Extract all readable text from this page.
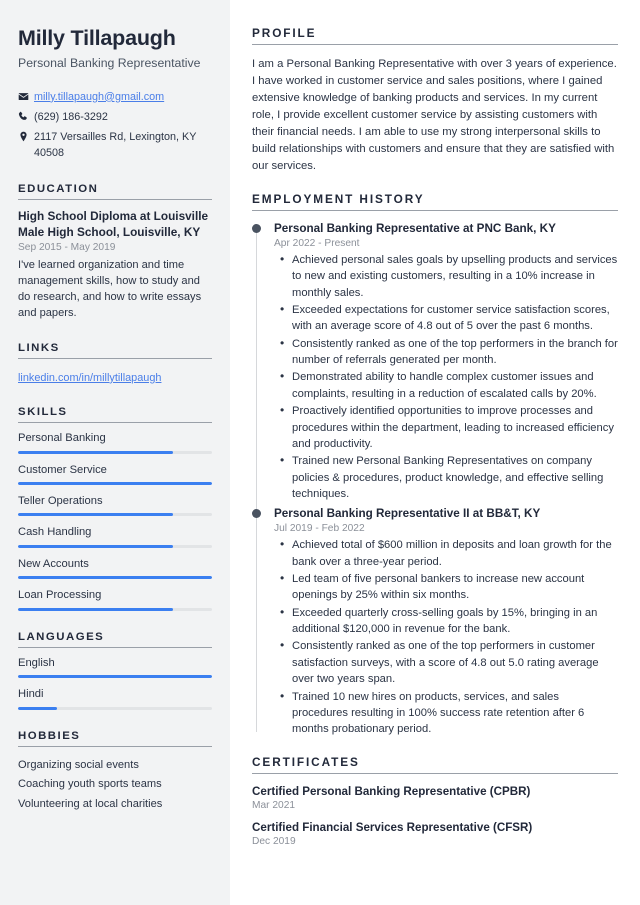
Milly Tillapaugh
Personal Banking Representative
milly.tillapaugh@gmail.com
(629) 186-3292
2117 Versailles Rd, Lexington, KY 40508
EDUCATION
High School Diploma at Louisville Male High School, Louisville, KY
Sep 2015 - May 2019
I've learned organization and time management skills, how to study and do research, and how to write essays and papers.
LINKS
linkedin.com/in/millytillapaugh
SKILLS
Personal Banking
Customer Service
Teller Operations
Cash Handling
New Accounts
Loan Processing
LANGUAGES
English
Hindi
HOBBIES
Organizing social events
Coaching youth sports teams
Volunteering at local charities
PROFILE

I am a Personal Banking Representative with over 3 years of experience. I have worked in customer service and sales positions, where I gained extensive knowledge of banking products and services. In my current role, I provide excellent customer service by assisting customers with their financial needs. I am able to use my strong interpersonal skills to build relationships with customers and ensure that they are satisfied with our services.

EMPLOYMENT HISTORY
Personal Banking Representative at PNC Bank, KY
Apr 2022 - Present
• Achieved personal sales goals by upselling products and services to new and existing customers, resulting in a 10% increase in monthly sales.
• Exceeded expectations for customer service satisfaction scores, with an average score of 4.8 out of 5 over the past 6 months.
• Consistently ranked as one of the top performers in the branch for number of referrals generated per month.
• Demonstrated ability to handle complex customer issues and complaints, resulting in a reduction of escalated calls by 20%.
• Proactively identified opportunities to improve processes and procedures within the department, leading to increased efficiency and productivity.
• Trained new Personal Banking Representatives on company policies & procedures, product knowledge, and effective selling techniques.
Personal Banking Representative II at BB&T, KY
Jul 2019 - Feb 2022
• Achieved total of $600 million in deposits and loan growth for the bank over a three-year period.
• Led team of five personal bankers to increase new account openings by 25% within six months.
• Exceeded quarterly cross-selling goals by 15%, bringing in an additional $120,000 in revenue for the bank.
• Consistently ranked as one of the top performers in customer satisfaction surveys, with a score of 4.8 out 5.0 rating average over two years span.
• Trained 10 new hires on products, services, and sales procedures resulting in 100% success rate retention after 6 months probationary period.
CERTIFICATES
Certified Personal Banking Representative (CPBR)
Mar 2021
Certified Financial Services Representative (CFSR)
Dec 2019
